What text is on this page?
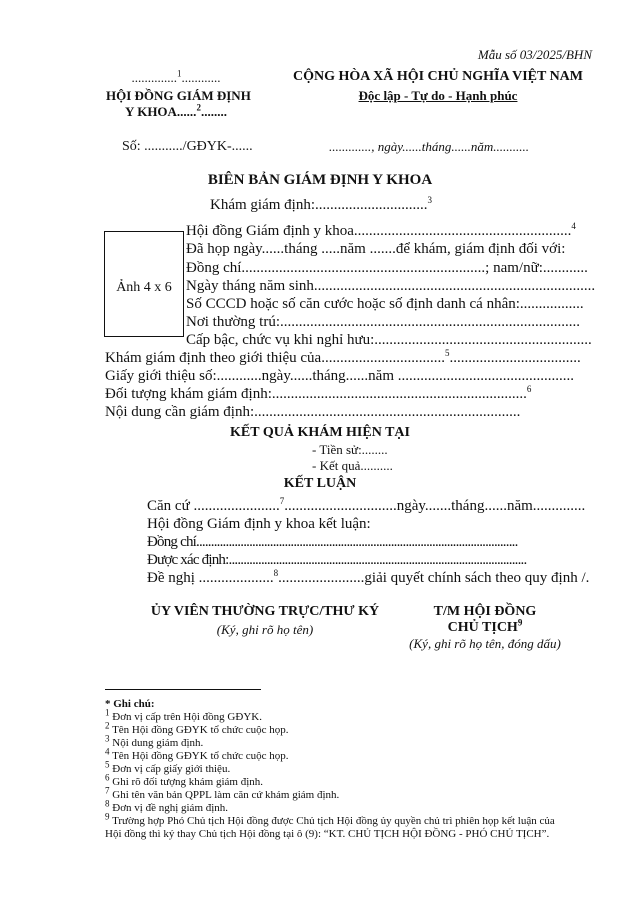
Mẫu số 03/2025/BHN
..............$^1$............
HỘI ĐỒNG GIÁM ĐỊNH
Y KHOA......$^2$........
CỘNG HÒA XÃ HỘI CHỦ NGHĨA VIỆT NAM
Độc lập - Tự do - Hạnh phúc
Số: .........../GĐYK-......	............., ngày......tháng......năm...........
BIÊN BẢN GIÁM ĐỊNH Y KHOA
Khám giám định:..............................$^3$
Ảnh 4 x 6
Hội đồng Giám định y khoa..........................................................$^4$
Đã họp ngày......tháng .....năm .......để khám, giám định đối với:
Đồng chí.................................................................; nam/nữ:............
Ngày tháng năm sinh...........................................................................
Số CCCD hoặc số căn cước hoặc số định danh cá nhân:.................
Nơi thường trú:................................................................................
Cấp bậc, chức vụ khi nghỉ hưu:..........................................................
Khám giám định theo giới thiệu của.................................$^5$...................................
Giấy giới thiệu số:............ngày......tháng......năm ...............................................
Đối tượng khám giám định:....................................................................$^6$
Nội dung cần giám định:.......................................................................
KẾT QUẢ KHÁM HIỆN TẠI
- Tiền sử:........
- Kết quả..........
KẾT LUẬN
Căn cứ .......................$^7$..............................ngày.......tháng......năm..............
Hội đồng Giám định y khoa kết luận:
Đồng chí.............................................................................................................
Được xác định:.....................................................................................................
Đề nghị ....................$^8$.......................giải quyết chính sách theo quy định /.
ỦY VIÊN THƯỜNG TRỰC/THƯ KÝ
(Ký, ghi rõ họ tên)
T/M HỘI ĐỒNG
CHỦ TỊCH$^9$
(Ký, ghi rõ họ tên, đóng dấu)
* Ghi chú:
$^1$ Đơn vị cấp trên Hội đồng GĐYK.
$^2$ Tên Hội đồng GĐYK tổ chức cuộc họp.
$^3$ Nội dung giám định.
$^4$ Tên Hội đồng GĐYK tổ chức cuộc họp.
$^5$ Đơn vị cấp giấy giới thiệu.
$^6$ Ghi rõ đối tượng khám giám định.
$^7$ Ghi tên văn bản QPPL làm căn cứ khám giám định.
$^8$ Đơn vị đề nghị giám định.
$^9$ Trường hợp Phó Chủ tịch Hội đồng được Chủ tịch Hội đồng ủy quyền chủ trì phiên họp kết luận của
Hội đồng thì ký thay Chủ tịch Hội đồng tại ô (9): “KT. CHỦ TỊCH HỘI ĐỒNG - PHÓ CHỦ TỊCH”.
